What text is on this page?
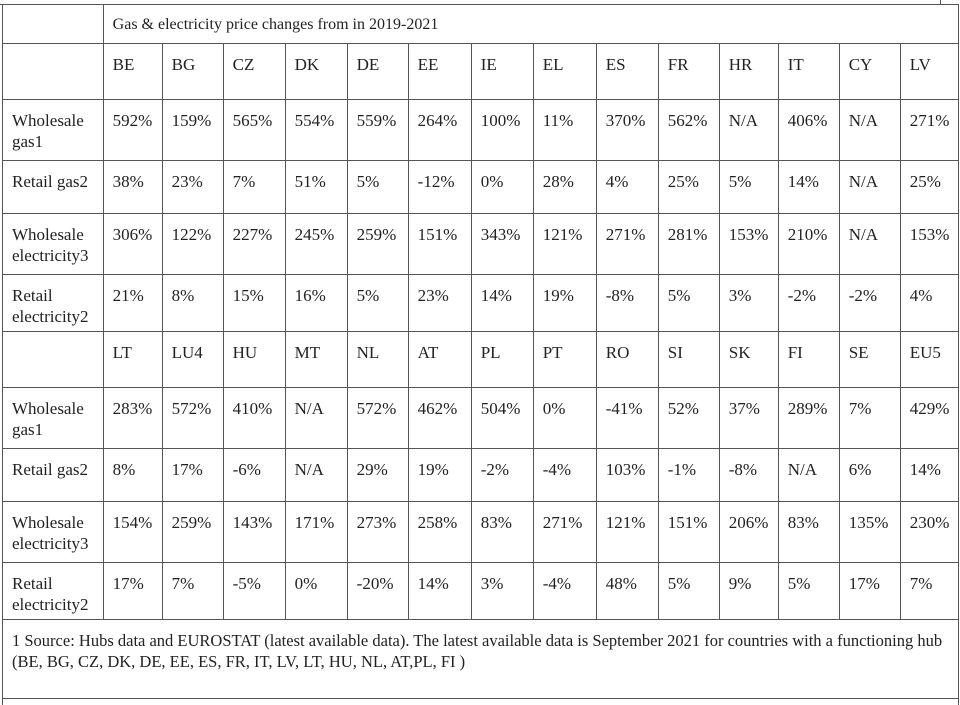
	Gas & electricity price changes from in 2019-2021													
	BE	BG	CZ	DK	DE	EE	IE	EL	ES	FR	HR	IT	CY	LV
Wholesale gas1	592%	159%	565%	554%	559%	264%	100%	11%	370%	562%	N/A	406%	N/A	271%
Retail gas2	38%	23%	7%	51%	5%	-12%	0%	28%	4%	25%	5%	14%	N/A	25%
Wholesale electricity3	306%	122%	227%	245%	259%	151%	343%	121%	271%	281%	153%	210%	N/A	153%
Retail electricity2	21%	8%	15%	16%	5%	23%	14%	19%	-8%	5%	3%	-2%	-2%	4%
	LT	LU4	HU	MT	NL	AT	PL	PT	RO	SI	SK	FI	SE	EU5
Wholesale gas1	283%	572%	410%	N/A	572%	462%	504%	0%	-41%	52%	37%	289%	7%	429%
Retail gas2	8%	17%	-6%	N/A	29%	19%	-2%	-4%	103%	-1%	-8%	N/A	6%	14%
Wholesale electricity3	154%	259%	143%	171%	273%	258%	83%	271%	121%	151%	206%	83%	135%	230%
Retail electricity2	17%	7%	-5%	0%	-20%	14%	3%	-4%	48%	5%	9%	5%	17%	7%
1 Source: Hubs data and EUROSTAT (latest available data). The latest available data is September 2021 for countries with a functioning hub (BE, BG, CZ, DK, DE, EE, ES, FR, IT, LV, LT, HU, NL, AT,PL, FI )														
